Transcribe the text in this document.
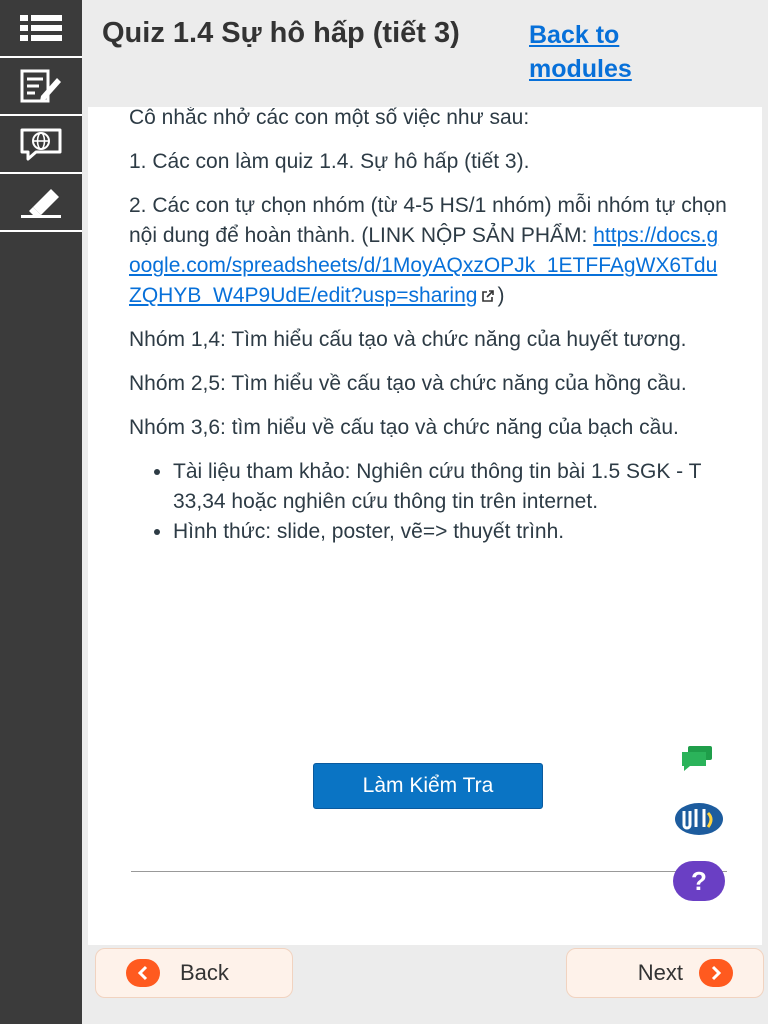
Quiz 1.4 Sự hô hấp (tiết 3)	Back to modules

Cô nhắc nhở các con một số việc như sau:

1. Các con làm quiz 1.4. Sự hô hấp (tiết 3).

2. Các con tự chọn nhóm (từ 4-5 HS/1 nhóm) mỗi nhóm tự chọn nội dung để hoàn thành. (LINK NỘP SẢN PHẨM: https://docs.google.com/spreadsheets/d/1MoyAQxzOPJk_1ETFFAgWX6TduZQHYB_W4P9UdE/edit?usp=sharing )

Nhóm 1,4: Tìm hiểu cấu tạo và chức năng của huyết tương.

Nhóm 2,5: Tìm hiểu về cấu tạo và chức năng của hồng cầu.

Nhóm 3,6: tìm hiểu về cấu tạo và chức năng của bạch cầu.

• Tài liệu tham khảo: Nghiên cứu thông tin bài 1.5 SGK - T 33,34 hoặc nghiên cứu thông tin trên internet.
• Hình thức: slide, poster, vẽ=> thuyết trình.
Làm Kiểm Tra
?
Back	Next
